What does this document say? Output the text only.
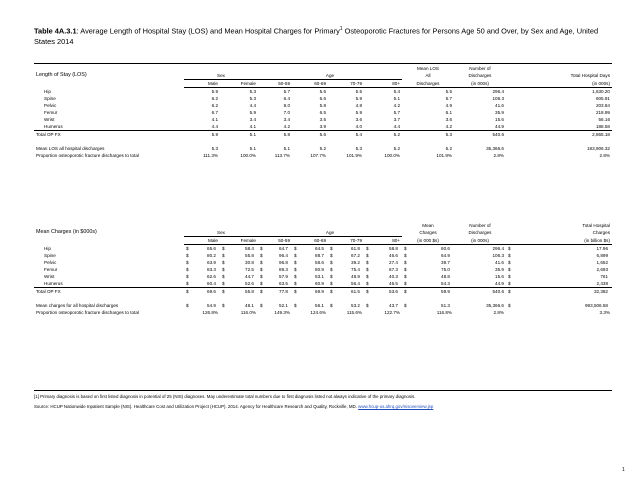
Table 4A.3.1: Average Length of Hospital Stay (LOS) and Mean Hospital Charges for Primary$^1$ Osteoporotic Fractures for Persons Age 50 and Over, by Sex and Age, United States 2014
							Mean LOS	Number of	
Length of Stay (LOS)	Sex		Age				All	Discharges	Total Hospital Days
	Male	Female	50-59	60-69	70-79	80+	Discharges	(in 000s)	(in 000s)
Hip	5.9	5.3	5.7	5.6	5.5	5.4	5.5	296.4	1,630.20
Spine	6.2	5.3	6.4	6.6	5.9	5.1	5.7	106.3	605.91
Pelvic	6.2	4.4	8.0	5.8	4.8	4.2	4.9	41.6	203.84
Femur	6.7	5.9	7.0	6.5	5.9	5.7	6.1	35.9	218.99
Wrist	4.1	3.4	3.4	3.5	3.6	3.7	3.6	15.6	56.16
Humerus	4.4	4.1	4.2	3.9	4.0	4.4	4.2	44.9	188.58
Total OP FX	5.9	5.1	5.8	5.6	5.4	5.2	5.3	540.6	2,865.18

Mean LOS all hospital discharges	5.3	5.1	5.1	5.2	5.3	5.2	5.2	35,366.6	183,906.32
Proportion osteoporotic fracture discharges to total	111.3%	100.0%	113.7%	107.7%	101.9%	100.0%	101.9%	2.8%	2.8%
							Mean	Number of	Total Hospital
Mean Charges (in $000s)	Sex		Age				Charges	Discharges	Charges
	Male	Female	50-59	60-69	70-79	80+	(in 000 $s)	(in 000s)	(in billion $s)
Hip	$ 65.6	$ 58.4	$ 64.7	$ 64.5	$ 61.8	$ 58.8	$ 60.6	296.4	$ 17.96
Spine	$ 80.2	$ 55.8	$ 96.4	$ 88.7	$ 67.2	$ 46.6	$ 64.9	106.3	$ 6,899
Pelvic	$ 63.9	$ 30.8	$ 96.8	$ 58.6	$ 39.2	$ 27.4	$ 39.7	41.6	$ 1,652
Femur	$ 83.3	$ 72.5	$ 89.3	$ 80.9	$ 75.4	$ 67.3	$ 75.0	35.9	$ 2,693
Wrist	$ 62.6	$ 44.7	$ 57.9	$ 53.1	$ 48.9	$ 40.3	$ 48.8	15.6	$ 761
Humerus	$ 60.4	$ 52.6	$ 63.5	$ 60.9	$ 56.4	$ 46.5	$ 54.3	44.9	$ 2,438
Total OP FX	$ 69.6	$ 55.8	$ 77.8	$ 69.9	$ 61.5	$ 53.6	$ 59.9	540.6	$ 32,382

Mean charges for all hospital discharges	$ 54.9	$ 48.1	$ 52.1	$ 56.1	$ 53.2	$ 43.7	$ 51.3	35,366.6	$ 993,506.58
Proportion osteoporotic fracture discharges to total	126.8%	116.0%	149.3%	124.6%	115.6%	122.7%	116.8%	2.8%	3.3%
[1] Primary diagnosis is based on first listed diagnosis in potential of 25 (NIS) diagnoses. May underestimate total numbers due to first diagnosis listed not always indicative of the primary diagnosis.
Source: HCUP Nationwide Inpatient Sample (NIS). Healthcare Cost and Utilization Project (HCUP). 2014. Agency for Healthcare Research and Quality, Rockville, MD. www.hcup-us.ahrq.gov/nisoverview.jsp
1
